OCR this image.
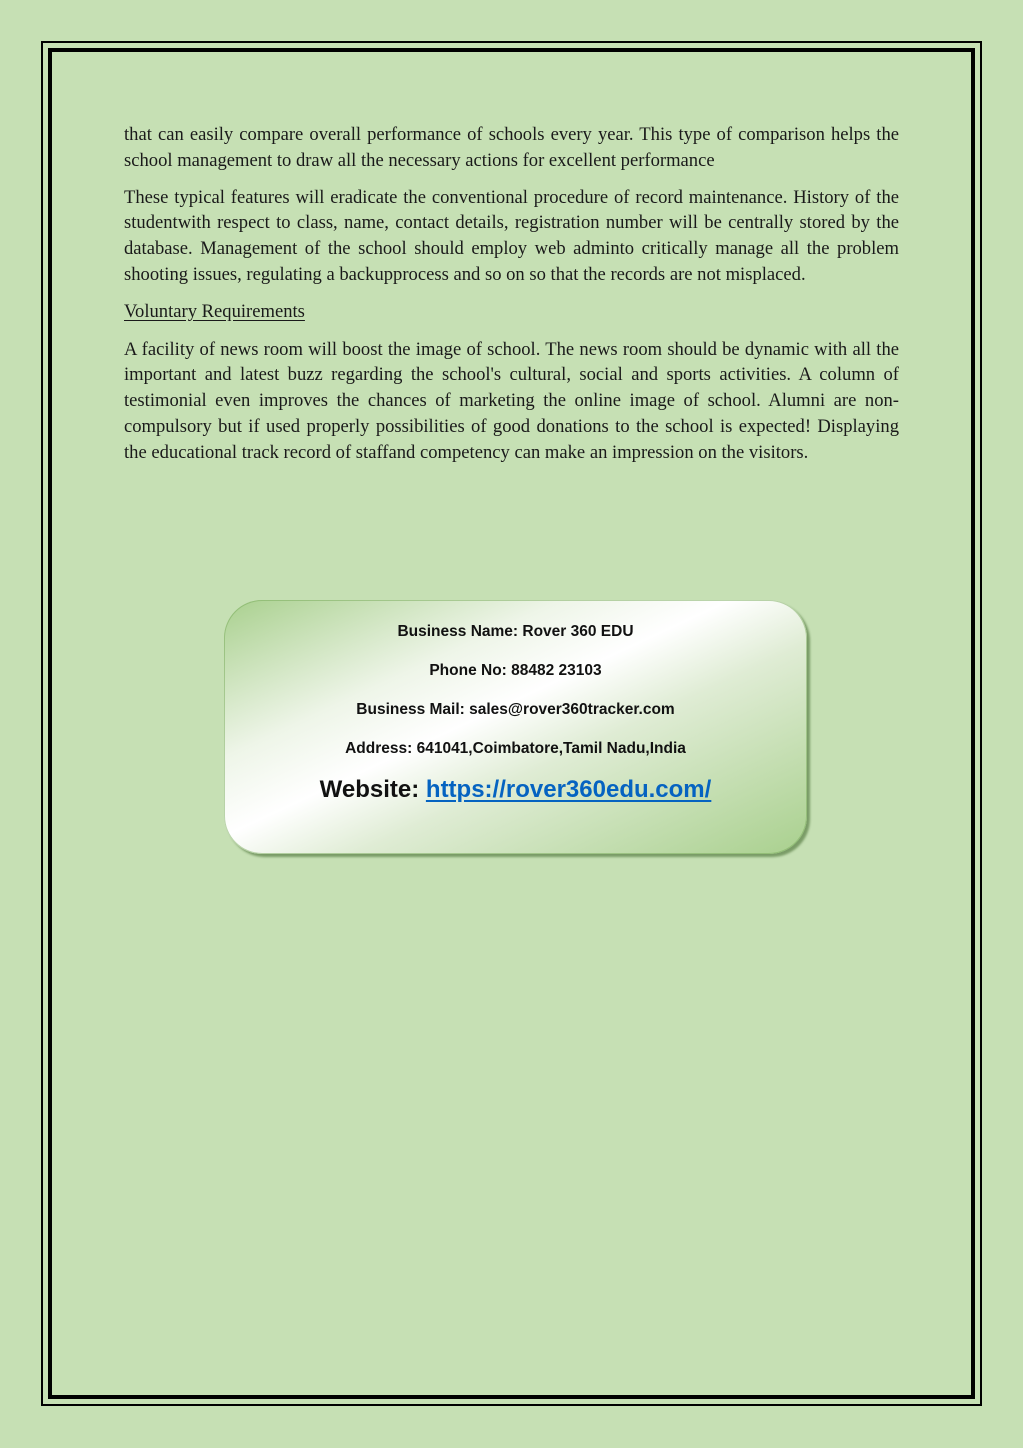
that can easily compare overall performance of schools every year. This type of comparison helps the school management to draw all the necessary actions for excellent performance

These typical features will eradicate the conventional procedure of record maintenance. History of the studentwith respect to class, name, contact details, registration number will be centrally stored by the database. Management of the school should employ web adminto critically manage all the problem shooting issues, regulating a backupprocess and so on so that the records are not misplaced.

Voluntary Requirements

A facility of news room will boost the image of school. The news room should be dynamic with all the important and latest buzz regarding the school's cultural, social and sports activities. A column of testimonial even improves the chances of marketing the online image of school. Alumni are non-compulsory but if used properly possibilities of good donations to the school is expected! Displaying the educational track record of staffand competency can make an impression on the visitors.

Business Name: Rover 360 EDU
Phone No: 88482 23103
Business Mail: sales@rover360tracker.com
Address: 641041,Coimbatore,Tamil Nadu,India
Website: https://rover360edu.com/
